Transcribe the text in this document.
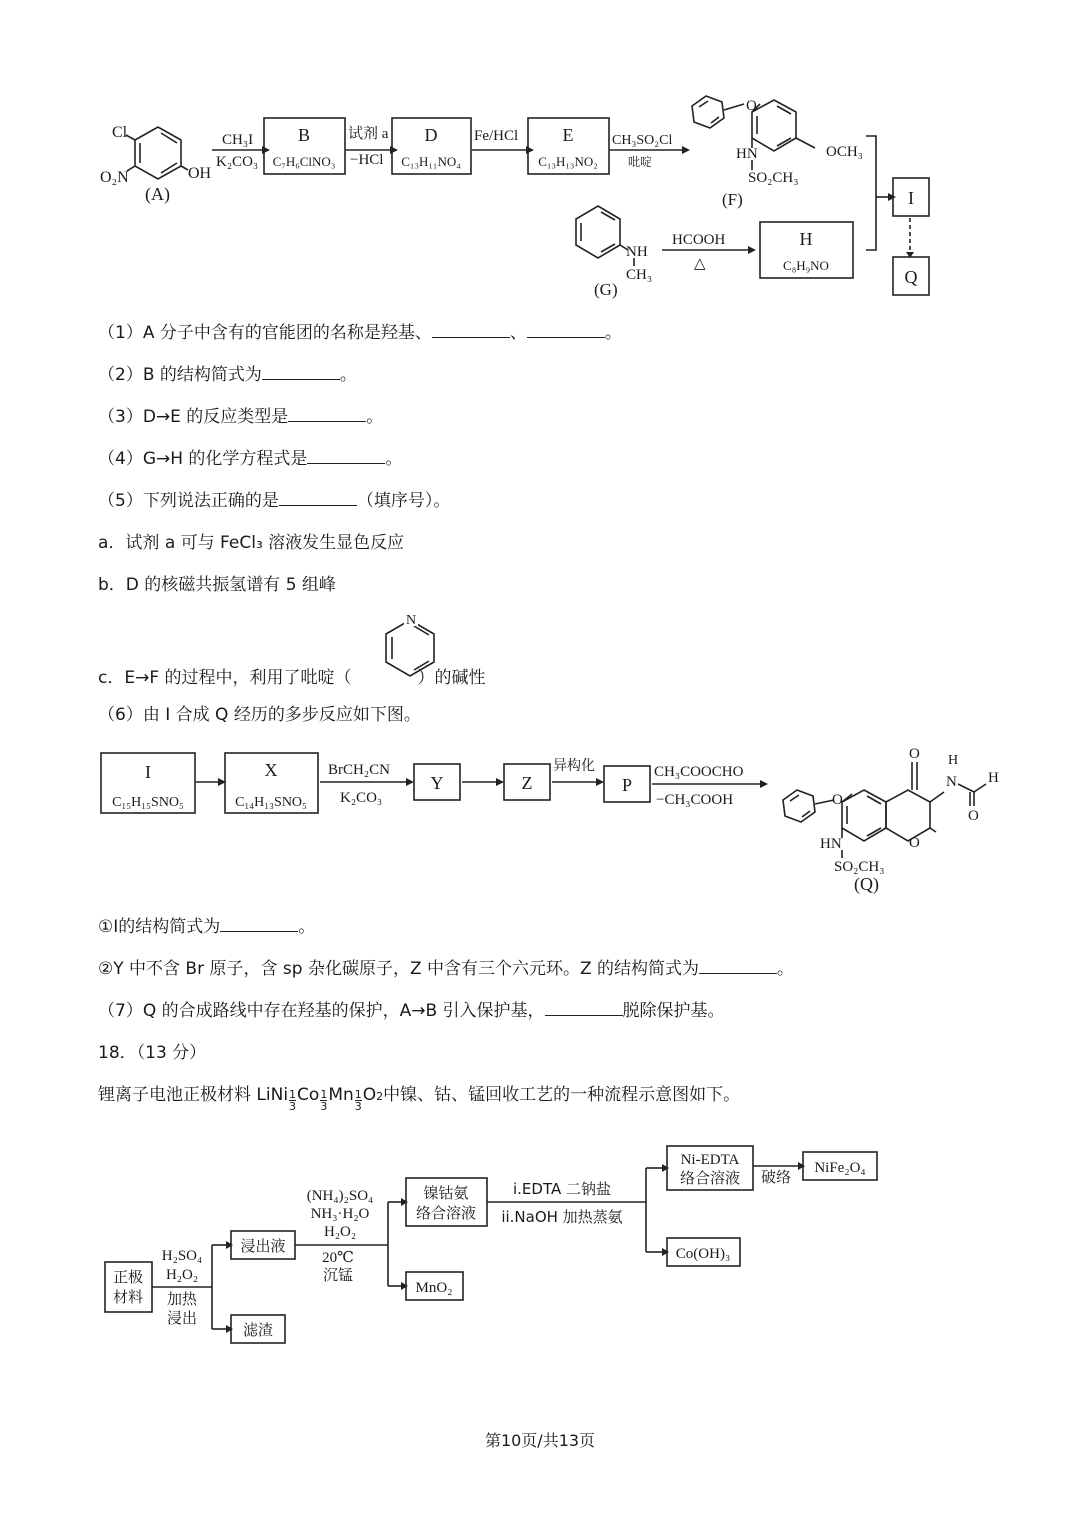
Cl
O₂N	OH
(A)
CH₃I
K₂CO₃
B
C₇H₆ClNO₃
试剂 a
−HCl
D
C₁₃H₁₁NO₄
Fe/HCl E
C₁₃H₁₃NO₂
CH₃SO₂Cl
吡啶
O
OCH₃
HN
SO₂CH₃
(F)
NH
CH₃
(G)
HCOOH
△
H
C₈H₉NO
I
Q
（1）A 分子中含有的官能团的名称是羟基、	、	。
（2）B 的结构简式为	。
（3）D→E 的反应类型是	。
（4）G→H 的化学方程式是	。
（5）下列说法正确的是	（填序号）。
a．试剂 a 可与 FeCl₃ 溶液发生显色反应
b．D 的核磁共振氢谱有 5 组峰
c．E→F 的过程中，利用了吡啶（	）的碱性
N
（6）由 I 合成 Q 经历的多步反应如下图。
I
C₁₅H₁₅SNO₅
X
C₁₄H₁₃SNO₅
BrCH₂CN
K₂CO₃
Y	Z
异构化
P
CH₃COOCHO
−CH₃COOH	O
O
O
H
N H
O
HN
SO₂CH₃
(Q)
①I的结构简式为	。
②Y 中不含 Br 原子，含 sp 杂化碳原子，Z 中含有三个六元环。Z 的结构简式为	。
（7）Q 的合成路线中存在羟基的保护，A→B 引入保护基，	脱除保护基。
18．（13 分）
锂离子电池正极材料 LiNi $\frac{1}{3}$ Co $\frac{1}{3}$ Mn $\frac{1}{3} O2$中镍、钴、锰回收工艺的一种流程示意图如下。
正极
材料
H₂SO₄
H₂O₂
加热
浸出
浸出液
滤渣
(NH₄)₂SO₄
NH₃·H₂O
H₂O₂
20℃
沉锰
镍钴氨
络合溶液
MnO₂
i.EDTA 二钠盐
ii.NaOH 加热蒸氨
Ni-EDTA
络合溶液 破络 NiFe₂O₄
Co(OH)₃
第10页/共13页
